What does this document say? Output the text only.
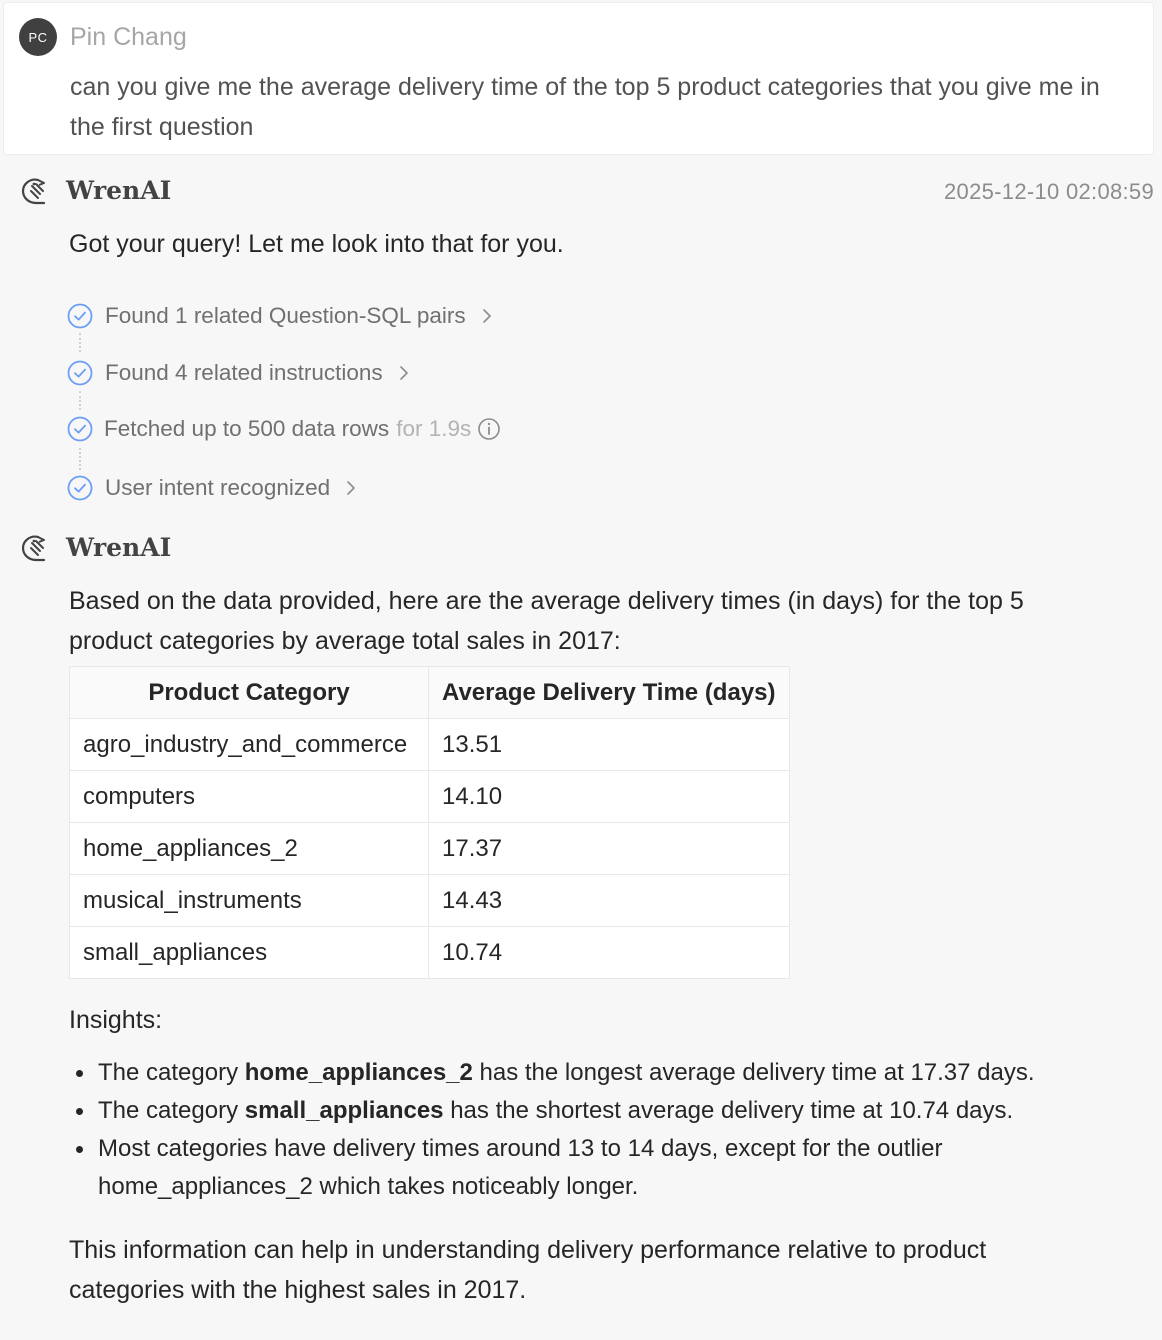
PC Pin Chang
can you give me the average delivery time of the top 5 product categories that you give me in the first question
WrenAI	2025-12-10 02:08:59
Got your query! Let me look into that for you.
Found 1 related Question-SQL pairs
Found 4 related instructions
Fetched up to 500 data rows for 1.9s
User intent recognized
WrenAI
Based on the data provided, here are the average delivery times (in days) for the top 5 product categories by average total sales in 2017:
Product Category	Average Delivery Time (days)
agro_industry_and_commerce	13.51
computers	14.10
home_appliances_2	17.37
musical_instruments	14.43
small_appliances	10.74
Insights:
The category home_appliances_2 has the longest average delivery time at 17.37 days.
The category small_appliances has the shortest average delivery time at 10.74 days.
Most categories have delivery times around 13 to 14 days, except for the outlier home_appliances_2 which takes noticeably longer.
This information can help in understanding delivery performance relative to product categories with the highest sales in 2017.
